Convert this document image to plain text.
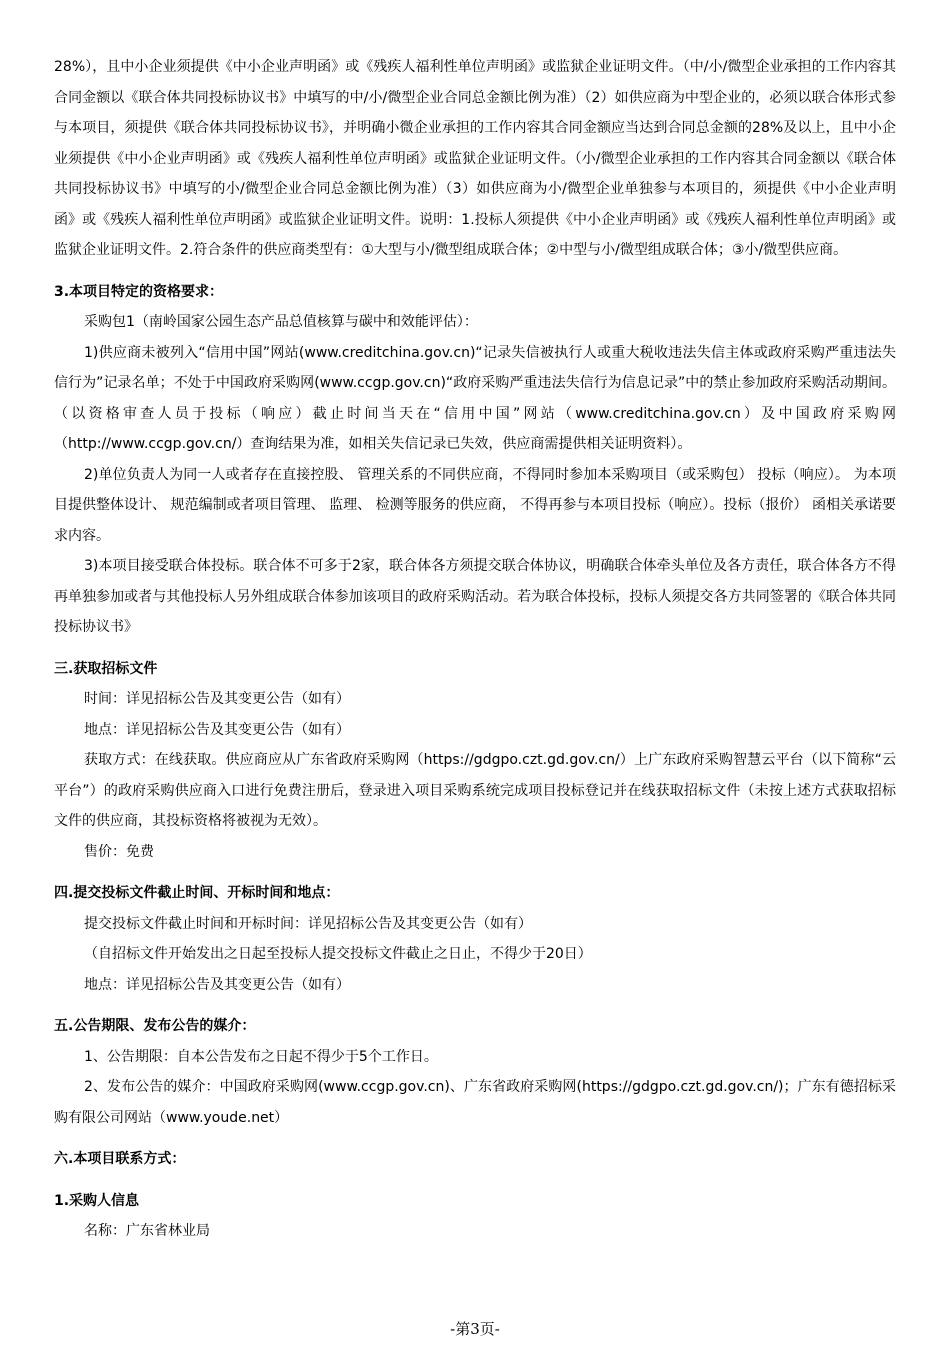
28%），且中小企业须提供《中小企业声明函》或《残疾人福利性单位声明函》或监狱企业证明文件。（中/小/微型企业承担的工作内容其合同金额以《联合体共同投标协议书》中填写的中/小/微型企业合同总金额比例为准）（2）如供应商为中型企业的，必须以联合体形式参与本项目，须提供《联合体共同投标协议书》，并明确小微企业承担的工作内容其合同金额应当达到合同总金额的28%及以上，且中小企业须提供《中小企业声明函》或《残疾人福利性单位声明函》或监狱企业证明文件。（小/微型企业承担的工作内容其合同金额以《联合体共同投标协议书》中填写的小/微型企业合同总金额比例为准）（3）如供应商为小/微型企业单独参与本项目的，须提供《中小企业声明函》或《残疾人福利性单位声明函》或监狱企业证明文件。说明：1.投标人须提供《中小企业声明函》或《残疾人福利性单位声明函》或监狱企业证明文件。2.符合条件的供应商类型有：①大型与小/微型组成联合体；②中型与小/微型组成联合体；③小/微型供应商。

3.本项目特定的资格要求：

采购包1（南岭国家公园生态产品总值核算与碳中和效能评估）：

1)供应商未被列入“信用中国”网站(www.creditchina.gov.cn)“记录失信被执行人或重大税收违法失信主体或政府采购严重违法失信行为”记录名单；不处于中国政府采购网(www.ccgp.gov.cn)“政府采购严重违法失信行为信息记录”中的禁止参加政府采购活动期间。（以资格审查人员于投标（响应）截止时间当天在“信用中国”网站（www.creditchina.gov.cn）及中国政府采购网（http://www.ccgp.gov.cn/）查询结果为准，如相关失信记录已失效，供应商需提供相关证明资料）。

2)单位负责人为同一人或者存在直接控股、 管理关系的不同供应商，不得同时参加本采购项目（或采购包） 投标（响应）。 为本项目提供整体设计、 规范编制或者项目管理、 监理、 检测等服务的供应商， 不得再参与本项目投标（响应）。投标（报价） 函相关承诺要求内容。

3)本项目接受联合体投标。联合体不可多于2家，联合体各方须提交联合体协议，明确联合体牵头单位及各方责任，联合体各方不得再单独参加或者与其他投标人另外组成联合体参加该项目的政府采购活动。若为联合体投标，投标人须提交各方共同签署的《联合体共同投标协议书》

三.获取招标文件

时间：详见招标公告及其变更公告（如有）

地点：详见招标公告及其变更公告（如有）

获取方式：在线获取。供应商应从广东省政府采购网（https://gdgpo.czt.gd.gov.cn/）上广东政府采购智慧云平台（以下简称“云平台”）的政府采购供应商入口进行免费注册后，登录进入项目采购系统完成项目投标登记并在线获取招标文件（未按上述方式获取招标文件的供应商，其投标资格将被视为无效）。

售价：免费

四.提交投标文件截止时间、开标时间和地点：

提交投标文件截止时间和开标时间：详见招标公告及其变更公告（如有）

（自招标文件开始发出之日起至投标人提交投标文件截止之日止，不得少于20日）

地点：详见招标公告及其变更公告（如有）

五.公告期限、发布公告的媒介：

1、公告期限：自本公告发布之日起不得少于5个工作日。

2、发布公告的媒介：中国政府采购网(www.ccgp.gov.cn)、广东省政府采购网(https://gdgpo.czt.gd.gov.cn/)；广东有德招标采购有限公司网站（www.youde.net）

六.本项目联系方式：

1.采购人信息

名称：广东省林业局

-第3页-
